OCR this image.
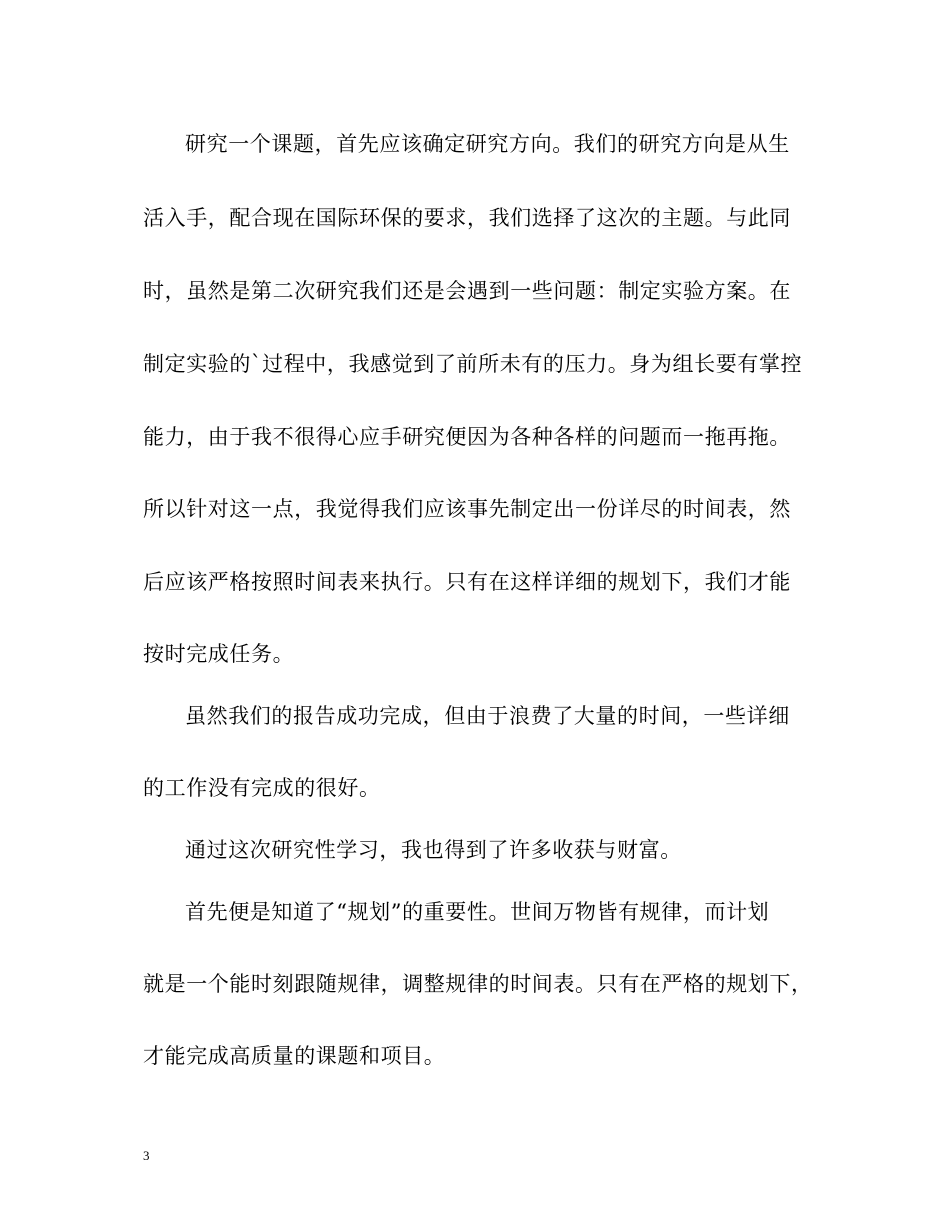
研究一个课题，首先应该确定研究方向。我们的研究方向是从生
活入手，配合现在国际环保的要求，我们选择了这次的主题。与此同
时，虽然是第二次研究我们还是会遇到一些问题：制定实验方案。在
制定实验的`过程中，我感觉到了前所未有的压力。身为组长要有掌控
能力，由于我不很得心应手研究便因为各种各样的问题而一拖再拖。
所以针对这一点，我觉得我们应该事先制定出一份详尽的时间表，然
后应该严格按照时间表来执行。只有在这样详细的规划下，我们才能
按时完成任务。
虽然我们的报告成功完成，但由于浪费了大量的时间，一些详细
的工作没有完成的很好。
通过这次研究性学习，我也得到了许多收获与财富。
首先便是知道了“规划”的重要性。世间万物皆有规律，而计划
就是一个能时刻跟随规律，调整规律的时间表。只有在严格的规划下，
才能完成高质量的课题和项目。
3
